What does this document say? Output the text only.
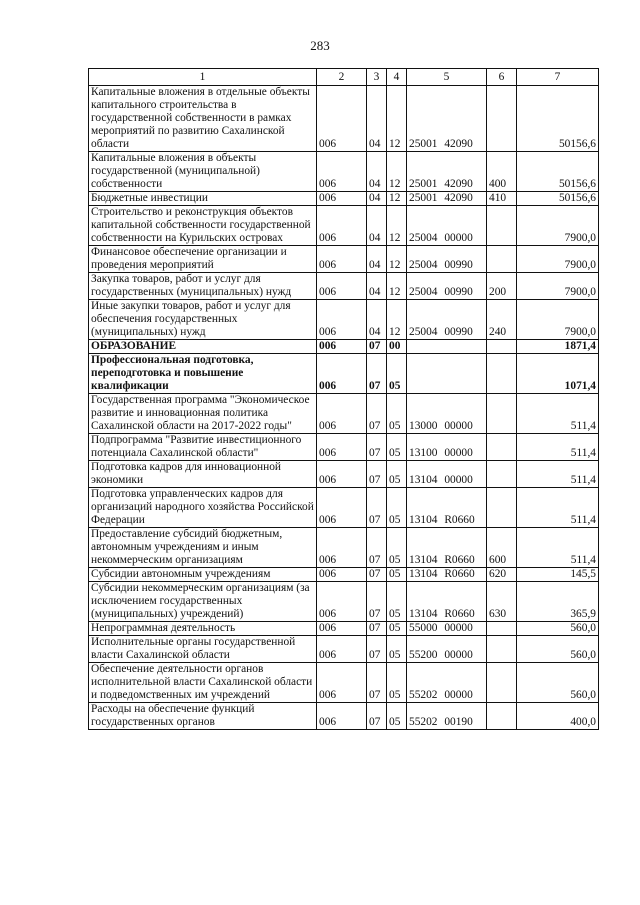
283
1	2	3	4	5	6	7
Капитальные вложения в отдельные объекты капитального строительства в государственной собственности в рамках мероприятий по развитию Сахалинской области	006	04	12	25001 42090		50156,6
Капитальные вложения в объекты государственной (муниципальной) собственности	006	04	12	25001 42090	400	50156,6
Бюджетные инвестиции	006	04	12	25001 42090	410	50156,6
Строительство и реконструкция объектов капитальной собственности государственной собственности на Курильских островах	006	04	12	25004 00000		7900,0
Финансовое обеспечение организации и проведения мероприятий	006	04	12	25004 00990		7900,0
Закупка товаров, работ и услуг для государственных (муниципальных) нужд	006	04	12	25004 00990	200	7900,0
Иные закупки товаров, работ и услуг для обеспечения государственных (муниципальных) нужд	006	04	12	25004 00990	240	7900,0
ОБРАЗОВАНИЕ	006	07	00			1871,4
Профессиональная подготовка, переподготовка и повышение квалификации	006	07	05			1071,4
Государственная программа "Экономическое развитие и инновационная политика Сахалинской области на 2017-2022 годы"	006	07	05	13000 00000		511,4
Подпрограмма "Развитие инвестиционного потенциала Сахалинской области"	006	07	05	13100 00000		511,4
Подготовка кадров для инновационной экономики	006	07	05	13104 00000		511,4
Подготовка управленческих кадров для организаций народного хозяйства Российской Федерации	006	07	05	13104 R0660		511,4
Предоставление субсидий бюджетным, автономным учреждениям и иным некоммерческим организациям	006	07	05	13104 R0660	600	511,4
Субсидии автономным учреждениям	006	07	05	13104 R0660	620	145,5
Субсидии некоммерческим организациям (за исключением государственных (муниципальных) учреждений)	006	07	05	13104 R0660	630	365,9
Непрограммная деятельность	006	07	05	55000 00000		560,0
Исполнительные органы государственной власти Сахалинской области	006	07	05	55200 00000		560,0
Обеспечение деятельности органов исполнительной власти Сахалинской области и подведомственных им учреждений	006	07	05	55202 00000		560,0
Расходы на обеспечение функций государственных органов	006	07	05	55202 00190		400,0
